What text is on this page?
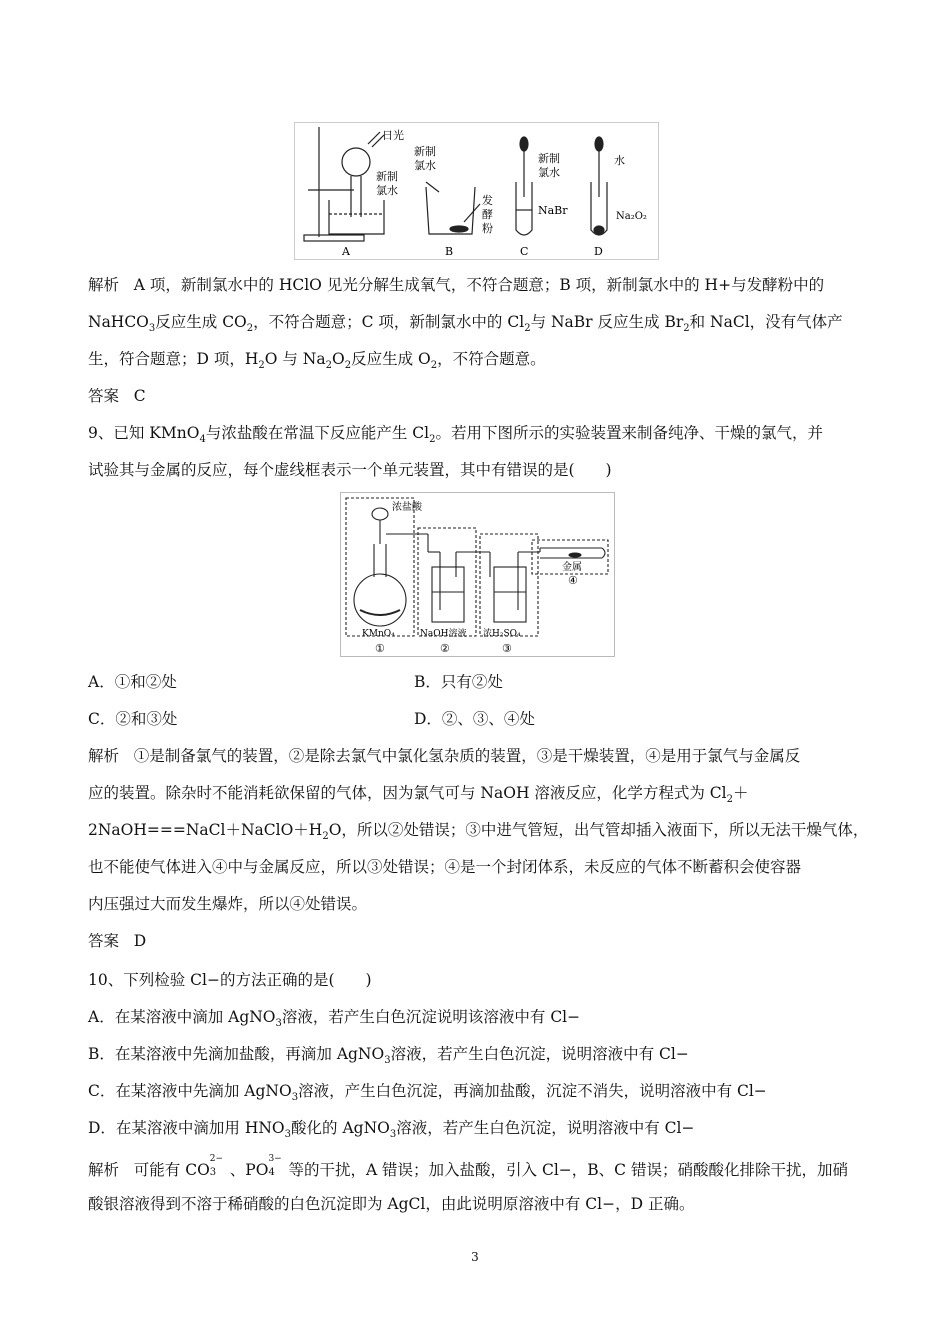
日光
新制
氯水
A
新制
氯水
发
酵
粉
B
新制
氯水
NaBr
C
水
Na₂O₂
D
解析 A 项，新制氯水中的 HClO 见光分解生成氧气，不符合题意；B 项，新制氯水中的 H+与发酵粉中的
NaHCO$_3$反应生成 $CO_2$，不符合题意；C 项，新制氯水中的 $Cl_2$与 NaBr 反应生成 $Br_2$和 NaCl，没有气体产
生，符合题意；D 项，$H_2O$ 与 $Na_2O_2$反应生成 $O_2$，不符合题意。
答案 C
9、已知 KMnO$_4$与浓盐酸在常温下反应能产生 $Cl_2$。若用下图所示的实验装置来制备纯净、干燥的氯气，并
试验其与金属的反应，每个虚线框表示一个单元装置，其中有错误的是(　　)
浓盐酸
KMnO₄	NaOH溶液 浓H₂SO₄
金属
①	②	③
④
A．①和②处	B．只有②处
C．②和③处	D．②、③、④处
解析 ①是制备氯气的装置，②是除去氯气中氯化氢杂质的装置，③是干燥装置，④是用于氯气与金属反
应的装置。除杂时不能消耗欲保留的气体，因为氯气可与 NaOH 溶液反应，化学方程式为 $Cl_2+$
$2NaOH===NaCl+NaClO+H_2O$，所以②处错误；③中进气管短，出气管却插入液面下，所以无法干燥气体，
也不能使气体进入④中与金属反应，所以③处错误；④是一个封闭体系，未反应的气体不断蓄积会使容器
内压强过大而发生爆炸，所以④处错误。
答案 D
10、下列检验 Cl−的方法正确的是(　　)
A．在某溶液中滴加 AgNO$_3$溶液，若产生白色沉淀说明该溶液中有 Cl−
B．在某溶液中先滴加盐酸，再滴加 AgNO$_3$溶液，若产生白色沉淀，说明溶液中有 Cl−
C．在某溶液中先滴加 AgNO$_3$溶液，产生白色沉淀，再滴加盐酸，沉淀不消失，说明溶液中有 Cl−
D．在某溶液中滴加用 $HNO_3$酸化的 AgNO$_3$溶液，若产生白色沉淀，说明溶液中有 Cl−
解析 可能有 CO
2−
3 、PO
3−
4 等的干扰，A 错误；加入盐酸，引入 Cl−，B、C 错误；硝酸酸化排除干扰，加硝
酸银溶液得到不溶于稀硝酸的白色沉淀即为 AgCl，由此说明原溶液中有 Cl−，D 正确。
3
